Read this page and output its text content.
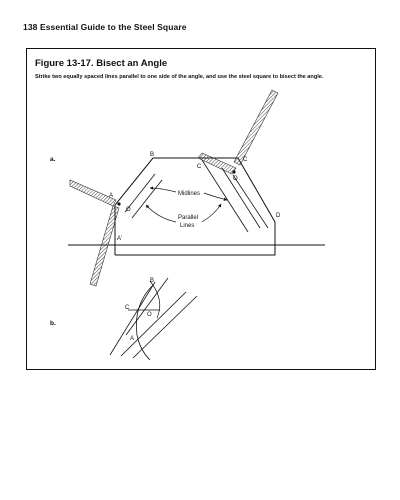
138 Essential Guide to the Steel Square
Figure 13-17. Bisect an Angle
Strike two equally spaced lines parallel to one side of the angle, and use the steel square to bisect the angle.
a.
A
O
A'
B
C
C
O
D
Midlines
Parallel
Lines
b.
B
C
O
A
